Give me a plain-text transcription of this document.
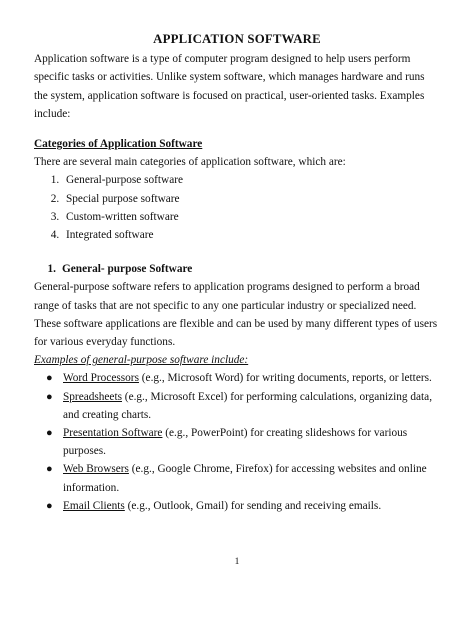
APPLICATION SOFTWARE

Application software is a type of computer program designed to help users perform specific tasks or activities. Unlike system software, which manages hardware and runs the system, application software is focused on practical, user-oriented tasks. Examples include:

Categories of Application Software

There are several main categories of application software, which are:

1. General-purpose software
2. Special purpose software
3. Custom-written software
4. Integrated software
1. General- purpose Software

General-purpose software refers to application programs designed to perform a broad range of tasks that are not specific to any one particular industry or specialized need. These software applications are flexible and can be used by many different types of users for various everyday functions.

Examples of general-purpose software include:

● Word Processors (e.g., Microsoft Word) for writing documents, reports, or letters.
● Spreadsheets (e.g., Microsoft Excel) for performing calculations, organizing data, and creating charts.
● Presentation Software (e.g., PowerPoint) for creating slideshows for various purposes.
● Web Browsers (e.g., Google Chrome, Firefox) for accessing websites and online information.
● Email Clients (e.g., Outlook, Gmail) for sending and receiving emails.
1
